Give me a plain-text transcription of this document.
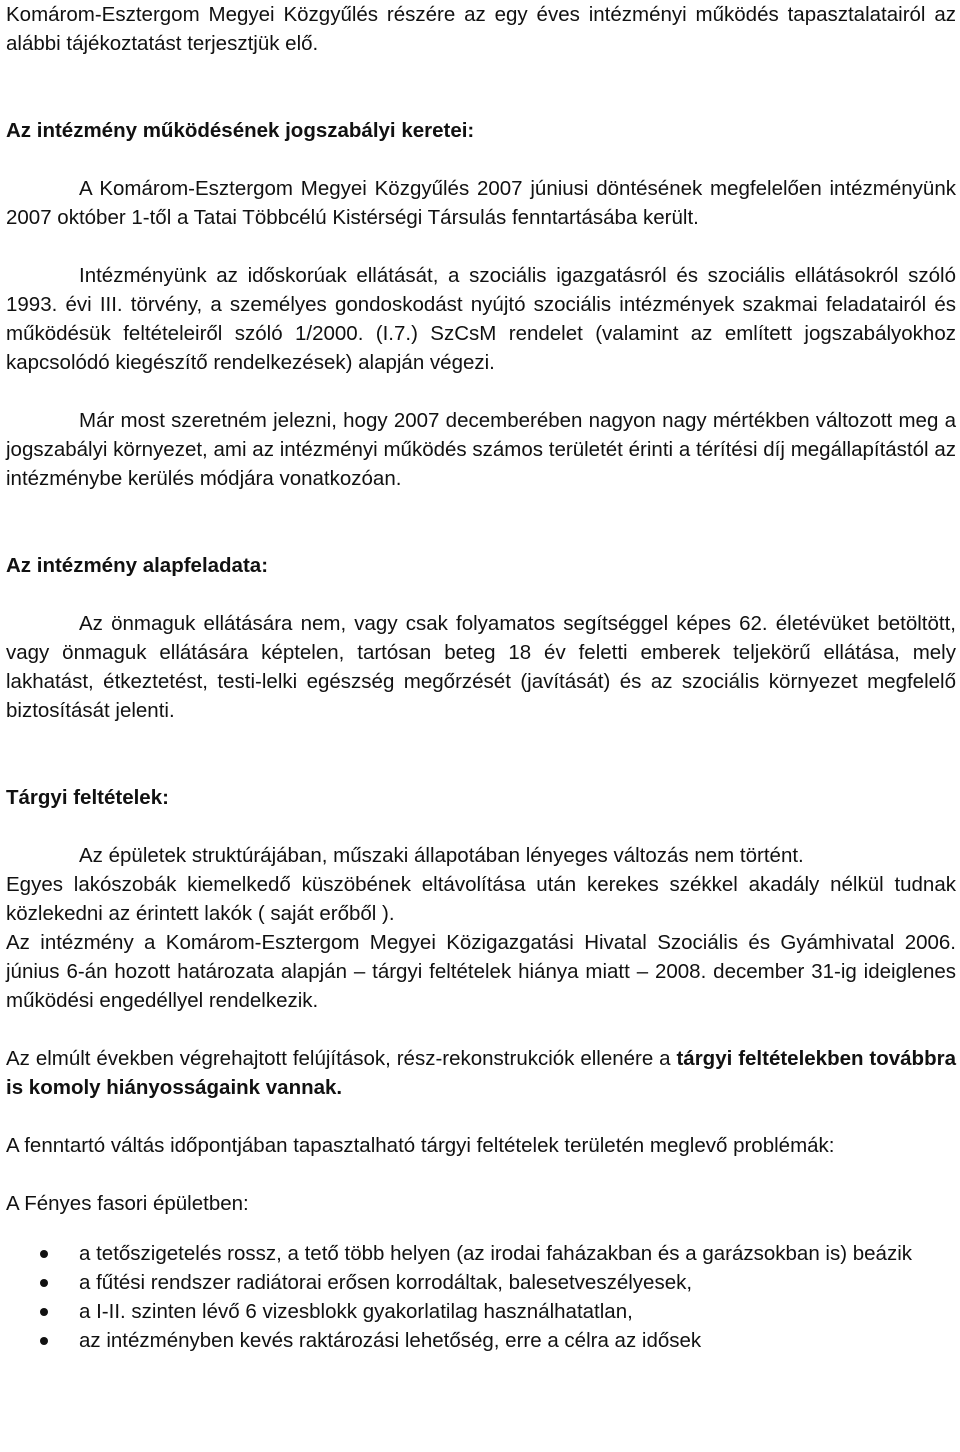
Komárom-Esztergom Megyei Közgyűlés részére az egy éves intézményi működés tapasztalatairól az alábbi tájékoztatást terjesztjük elő.

Az intézmény működésének jogszabályi keretei:

A Komárom-Esztergom Megyei Közgyűlés 2007 júniusi döntésének megfelelően intézményünk 2007 október 1-től a Tatai Többcélú Kistérségi Társulás fenntartásába került.

Intézményünk az időskorúak ellátását, a szociális igazgatásról és szociális ellátásokról szóló 1993. évi III. törvény, a személyes gondoskodást nyújtó szociális intézmények szakmai feladatairól és működésük feltételeiről szóló 1/2000. (I.7.) SzCsM rendelet (valamint az említett jogszabályokhoz kapcsolódó kiegészítő rendelkezések) alapján végezi.

Már most szeretném jelezni, hogy 2007 decemberében nagyon nagy mértékben változott meg a jogszabályi környezet, ami az intézményi működés számos területét érinti a térítési díj megállapítástól az intézménybe kerülés módjára vonatkozóan.

Az intézmény alapfeladata:

Az önmaguk ellátására nem, vagy csak folyamatos segítséggel képes 62. életévüket betöltött, vagy önmaguk ellátására képtelen, tartósan beteg 18 év feletti emberek teljekörű ellátása, mely lakhatást, étkeztetést, testi-lelki egészség megőrzését (javítását) és az szociális környezet megfelelő biztosítását jelenti.

Tárgyi feltételek:

Az épületek struktúrájában, műszaki állapotában lényeges változás nem történt.

Egyes lakószobák kiemelkedő küszöbének eltávolítása után kerekes székkel akadály nélkül tudnak közlekedni az érintett lakók ( saját erőből ).

Az intézmény a Komárom-Esztergom Megyei Közigazgatási Hivatal Szociális és Gyámhivatal 2006. június 6-án hozott határozata alapján – tárgyi feltételek hiánya miatt – 2008. december 31-ig ideiglenes működési engedéllyel rendelkezik.

Az elmúlt években végrehajtott felújítások, rész-rekonstrukciók ellenére a tárgyi feltételekben továbbra is komoly hiányosságaink vannak.

A fenntartó váltás időpontjában tapasztalható tárgyi feltételek területén meglevő problémák:

A Fényes fasori épületben:

a tetőszigetelés rossz, a tető több helyen (az irodai faházakban és a garázsokban is) beázik
a fűtési rendszer radiátorai erősen korrodáltak, balesetveszélyesek,
a I-II. szinten lévő 6 vizesblokk gyakorlatilag használhatatlan,
az intézményben kevés raktározási lehetőség, erre a célra az idősek
